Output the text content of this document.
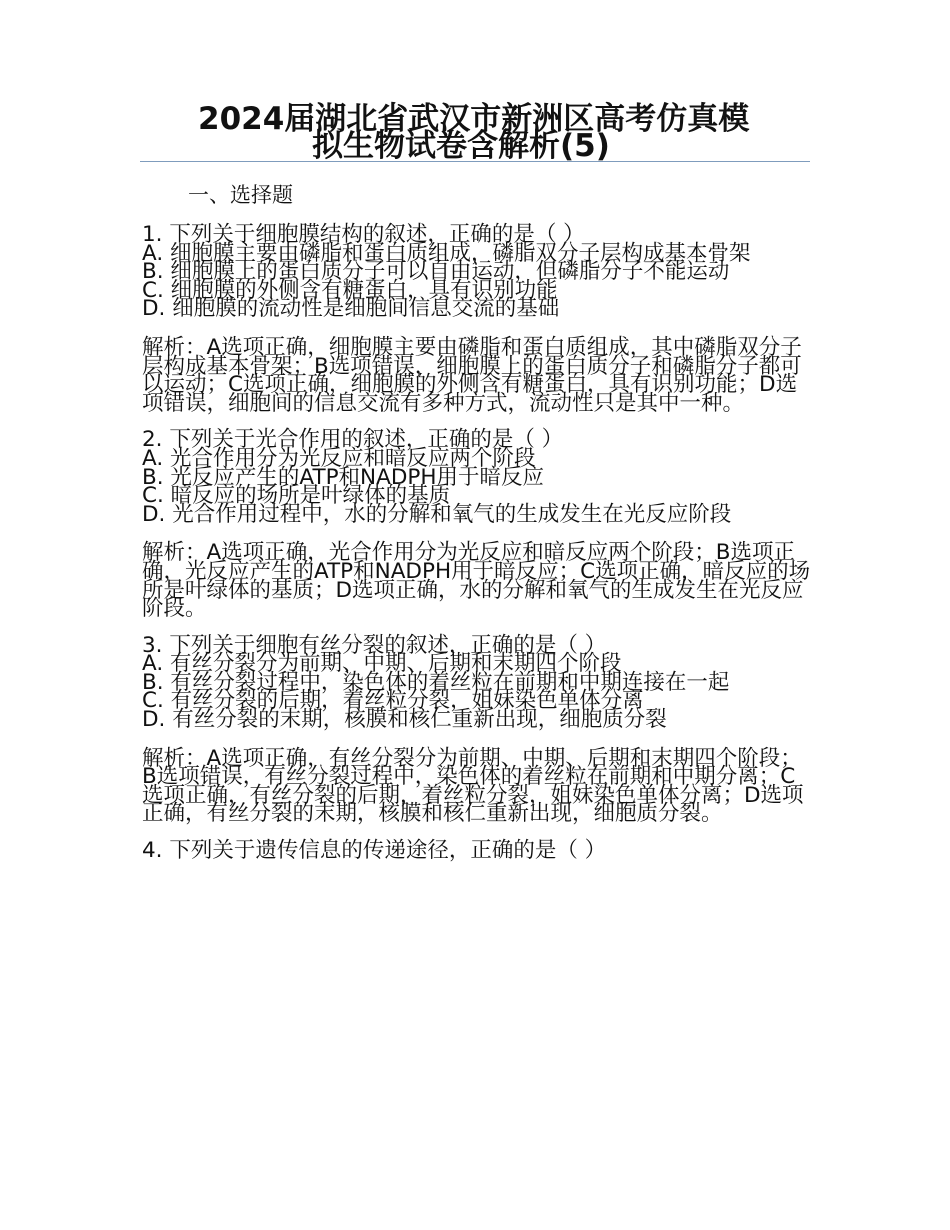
2024届湖北省武汉市新洲区高考仿真模
拟生物试卷含解析(5)

一、选择题

1. 下列关于细胞膜结构的叙述，正确的是（ ）

A. 细胞膜主要由磷脂和蛋白质组成，磷脂双分子层构成基本骨架

B. 细胞膜上的蛋白质分子可以自由运动，但磷脂分子不能运动

C. 细胞膜的外侧含有糖蛋白，具有识别功能

D. 细胞膜的流动性是细胞间信息交流的基础

解析：A选项正确，细胞膜主要由磷脂和蛋白质组成，其中磷脂双分子层构成基本骨架；B选项错误，细胞膜上的蛋白质分子和磷脂分子都可以运动；C选项正确，细胞膜的外侧含有糖蛋白，具有识别功能；D选项错误，细胞间的信息交流有多种方式，流动性只是其中一种。

2. 下列关于光合作用的叙述，正确的是（ ）

A. 光合作用分为光反应和暗反应两个阶段

B. 光反应产生的ATP和NADPH用于暗反应

C. 暗反应的场所是叶绿体的基质

D. 光合作用过程中，水的分解和氧气的生成发生在光反应阶段

解析：A选项正确，光合作用分为光反应和暗反应两个阶段；B选项正确，光反应产生的ATP和NADPH用于暗反应；C选项正确，暗反应的场所是叶绿体的基质；D选项正确，水的分解和氧气的生成发生在光反应阶段。

3. 下列关于细胞有丝分裂的叙述，正确的是（ ）

A. 有丝分裂分为前期、中期、后期和末期四个阶段

B. 有丝分裂过程中，染色体的着丝粒在前期和中期连接在一起

C. 有丝分裂的后期，着丝粒分裂，姐妹染色单体分离

D. 有丝分裂的末期，核膜和核仁重新出现，细胞质分裂

解析：A选项正确，有丝分裂分为前期、中期、后期和末期四个阶段；B选项错误，有丝分裂过程中，染色体的着丝粒在前期和中期分离；C选项正确，有丝分裂的后期，着丝粒分裂，姐妹染色单体分离；D选项正确，有丝分裂的末期，核膜和核仁重新出现，细胞质分裂。

4. 下列关于遗传信息的传递途径，正确的是（ ）
